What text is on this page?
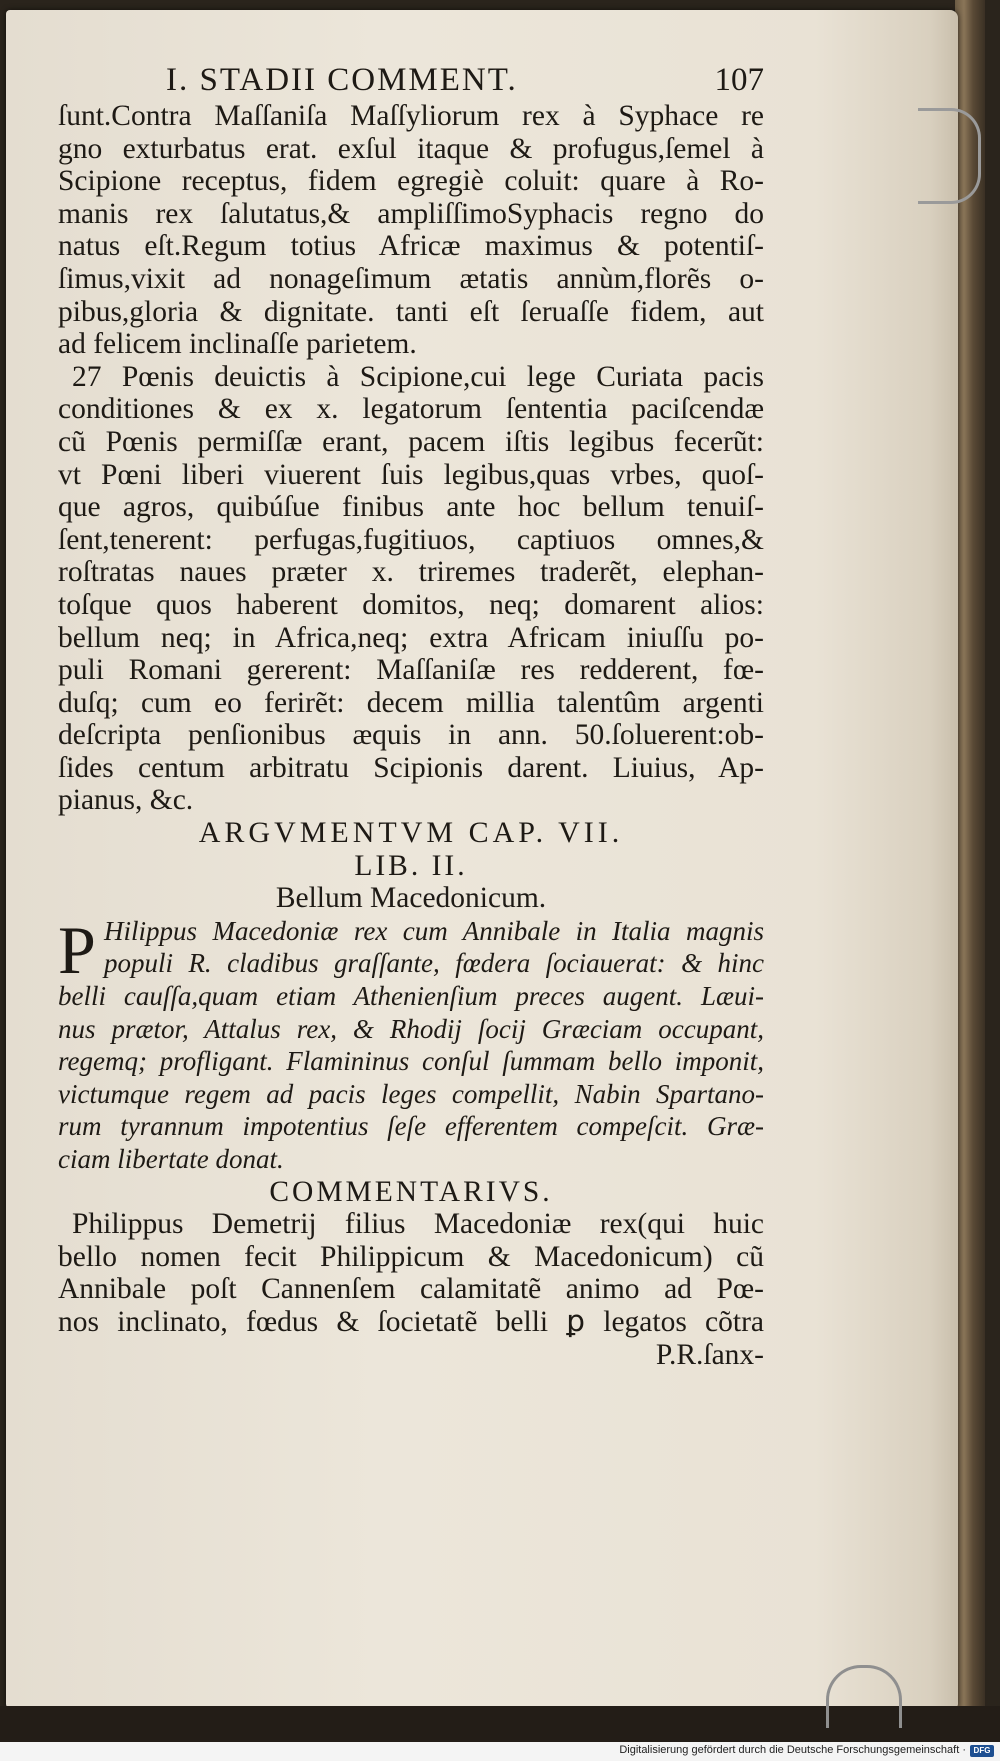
I. STADII COMMENT.	107
ſunt.Contra Maſſaniſa Maſſyliorum rex à Syphace re
gno exturbatus erat. exſul itaque & profugus,ſemel à
Scipione receptus, fidem egregiè coluit: quare à Ro-
manis rex ſalutatus,& ampliſſimoSyphacis regno do
natus eſt.Regum totius Africæ maximus & potentiſ-
ſimus,vixit ad nonageſimum ætatis annùm,florẽs o-
pibus,gloria & dignitate. tanti eſt ſeruaſſe fidem, aut
ad felicem inclinaſſe parietem.
27 Pœnis deuictis à Scipione,cui lege Curiata pacis
conditiones & ex x. legatorum ſententia paciſcendæ
cũ Pœnis permiſſæ erant, pacem iſtis legibus fecerũt:
vt Pœni liberi viuerent ſuis legibus,quas vrbes, quoſ-
que agros, quibúſue finibus ante hoc bellum tenuiſ-
ſent,tenerent: perfugas,fugitiuos, captiuos omnes,&
roſtratas naues præter x. triremes traderẽt, elephan-
toſque quos haberent domitos, neq; domarent alios:
bellum neq; in Africa,neq; extra Africam iniuſſu po-
puli Romani gererent: Maſſaniſæ res redderent, fœ-
duſq; cum eo ferirẽt: decem millia talentûm argenti
deſcripta penſionibus æquis in ann. 50.ſoluerent:ob-
ſides centum arbitratu Scipionis darent. Liuius, Ap-
pianus, &c.
ARGVMENTVM CAP. VII.
LIB. II.
Bellum Macedonicum.
P Hilippus Macedoniæ rex cum Annibale in Italia magnis
populi R. cladibus graſſante, fœdera ſociauerat: & hinc
belli cauſſa,quam etiam Athenienſium preces augent. Læui-
nus prætor, Attalus rex, & Rhodij ſocij Græciam occupant,
regemq; profligant. Flamininus conſul ſummam bello imponit,
victumque regem ad pacis leges compellit, Nabin Spartano-
rum tyrannum impotentius ſeſe efferentem compeſcit. Græ-
ciam libertate donat.
COMMENTARIVS.
Philippus Demetrij filius Macedoniæ rex(qui huic
bello nomen fecit Philippicum & Macedonicum) cũ
Annibale poſt Cannenſem calamitatẽ animo ad Pœ-
nos inclinato, fœdus & ſocietatẽ belli ꝑ legatos cõtra
P.R.ſanx-
Digitalisierung gefördert durch die Deutsche Forschungsgemeinschaft · DFG
